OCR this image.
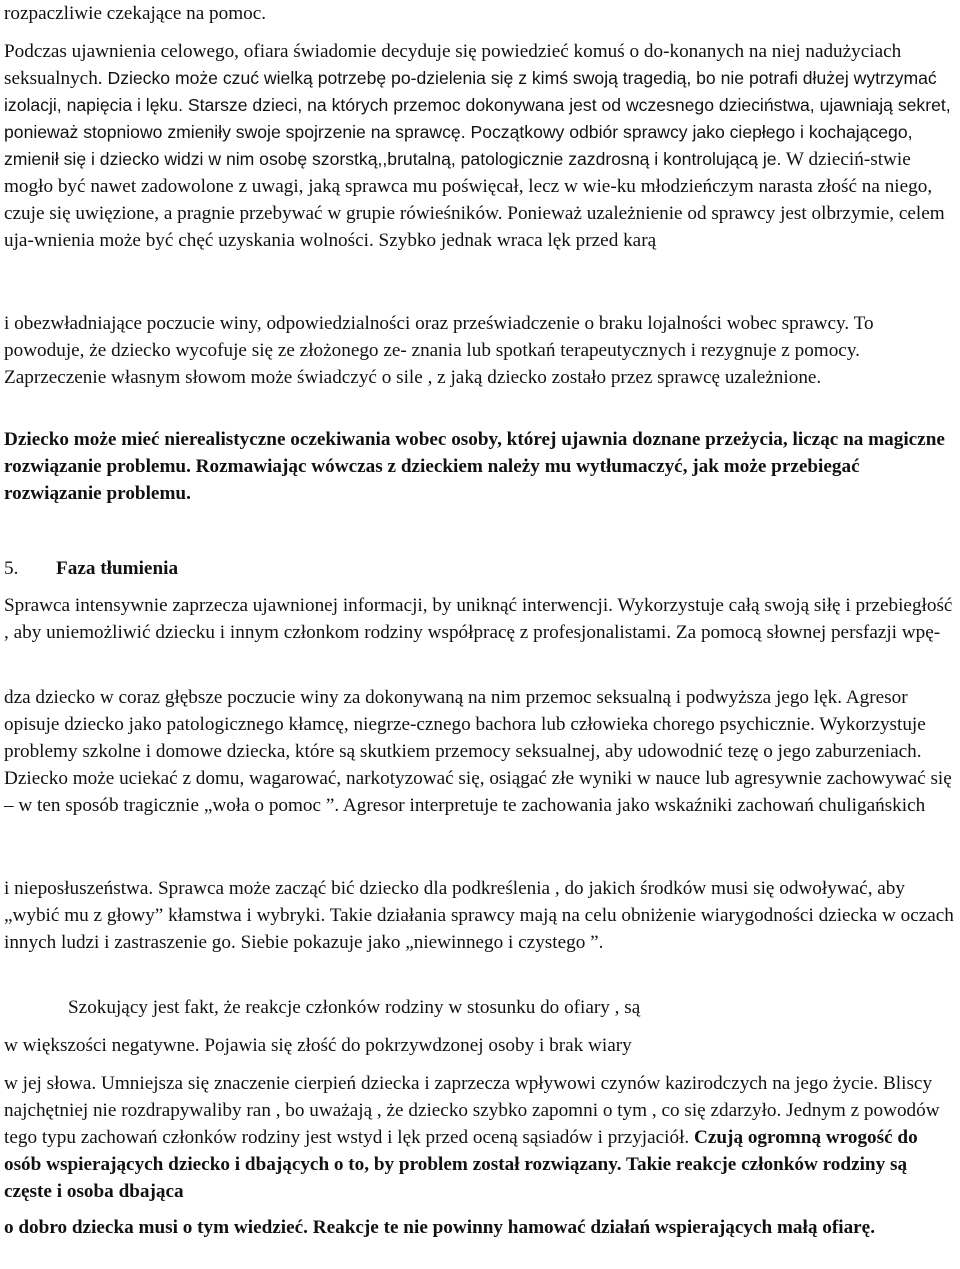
rozpaczliwie czekające na pomoc.

Podczas ujawnienia celowego, ofiara świadomie decyduje się powiedzieć komuś o do-konanych na niej nadużyciach seksualnych. Dziecko może czuć wielką potrzebę po-dzielenia się z kimś swoją tragedią, bo nie potrafi dłużej wytrzymać izolacji, napięcia i lęku. Starsze dzieci, na których przemoc dokonywana jest od wczesnego dzieciństwa, ujawniają sekret, ponieważ stopniowo zmieniły swoje spojrzenie na sprawcę. Początkowy odbiór sprawcy jako ciepłego i kochającego, zmienił się i dziecko widzi w nim osobę szorstką,,brutalną, patologicznie zazdrosną i kontrolującą je. W dzieciń-stwie mogło być nawet zadowolone z uwagi, jaką sprawca mu poświęcał, lecz w wie-ku młodzieńczym narasta złość na niego, czuje się uwięzione, a pragnie przebywać w grupie rówieśników. Ponieważ uzależnienie od sprawcy jest olbrzymie, celem uja-wnienia może być chęć uzyskania wolności. Szybko jednak wraca lęk przed karą

i obezwładniające poczucie winy, odpowiedzialności oraz przeświadczenie o braku lojalności wobec sprawcy. To powoduje, że dziecko wycofuje się ze złożonego ze- znania lub spotkań terapeutycznych i rezygnuje z pomocy. Zaprzeczenie własnym słowom może świadczyć o sile , z jaką dziecko zostało przez sprawcę uzależnione.

Dziecko może mieć nierealistyczne oczekiwania wobec osoby, której ujawnia doznane przeżycia, licząc na magiczne rozwiązanie problemu. Rozmawiając wówczas z dzieckiem należy mu wytłumaczyć, jak może przebiegać rozwiązanie problemu.

5. Faza tłumienia

Sprawca intensywnie zaprzecza ujawnionej informacji, by uniknąć interwencji. Wykorzystuje całą swoją siłę i przebiegłość , aby uniemożliwić dziecku i innym członkom rodziny współpracę z profesjonalistami. Za pomocą słownej persfazji wpę-

dza dziecko w coraz głębsze poczucie winy za dokonywaną na nim przemoc seksualną i podwyższa jego lęk. Agresor opisuje dziecko jako patologicznego kłamcę, niegrze-cznego bachora lub człowieka chorego psychicznie. Wykorzystuje problemy szkolne i domowe dziecka, które są skutkiem przemocy seksualnej, aby udowodnić tezę o jego zaburzeniach. Dziecko może uciekać z domu, wagarować, narkotyzować się, osiągać złe wyniki w nauce lub agresywnie zachowywać się – w ten sposób tragicznie „woła o pomoc ”. Agresor interpretuje te zachowania jako wskaźniki zachowań chuligańskich

i nieposłuszeństwa. Sprawca może zacząć bić dziecko dla podkreślenia , do jakich środków musi się odwoływać, aby „wybić mu z głowy” kłamstwa i wybryki. Takie działania sprawcy mają na celu obniżenie wiarygodności dziecka w oczach innych ludzi i zastraszenie go. Siebie pokazuje jako „niewinnego i czystego ”.

Szokujący jest fakt, że reakcje członków rodziny w stosunku do ofiary , są

w większości negatywne. Pojawia się złość do pokrzywdzonej osoby i brak wiary

w jej słowa. Umniejsza się znaczenie cierpień dziecka i zaprzecza wpływowi czynów kazirodczych na jego życie. Bliscy najchętniej nie rozdrapywaliby ran , bo uważają , że dziecko szybko zapomni o tym , co się zdarzyło. Jednym z powodów tego typu zachowań członków rodziny jest wstyd i lęk przed oceną sąsiadów i przyjaciół. Czują ogromną wrogość do osób wspierających dziecko i dbających o to, by problem został rozwiązany. Takie reakcje członków rodziny są częste i osoba dbająca

o dobro dziecka musi o tym wiedzieć. Reakcje te nie powinny hamować działań wspierających małą ofiarę.
